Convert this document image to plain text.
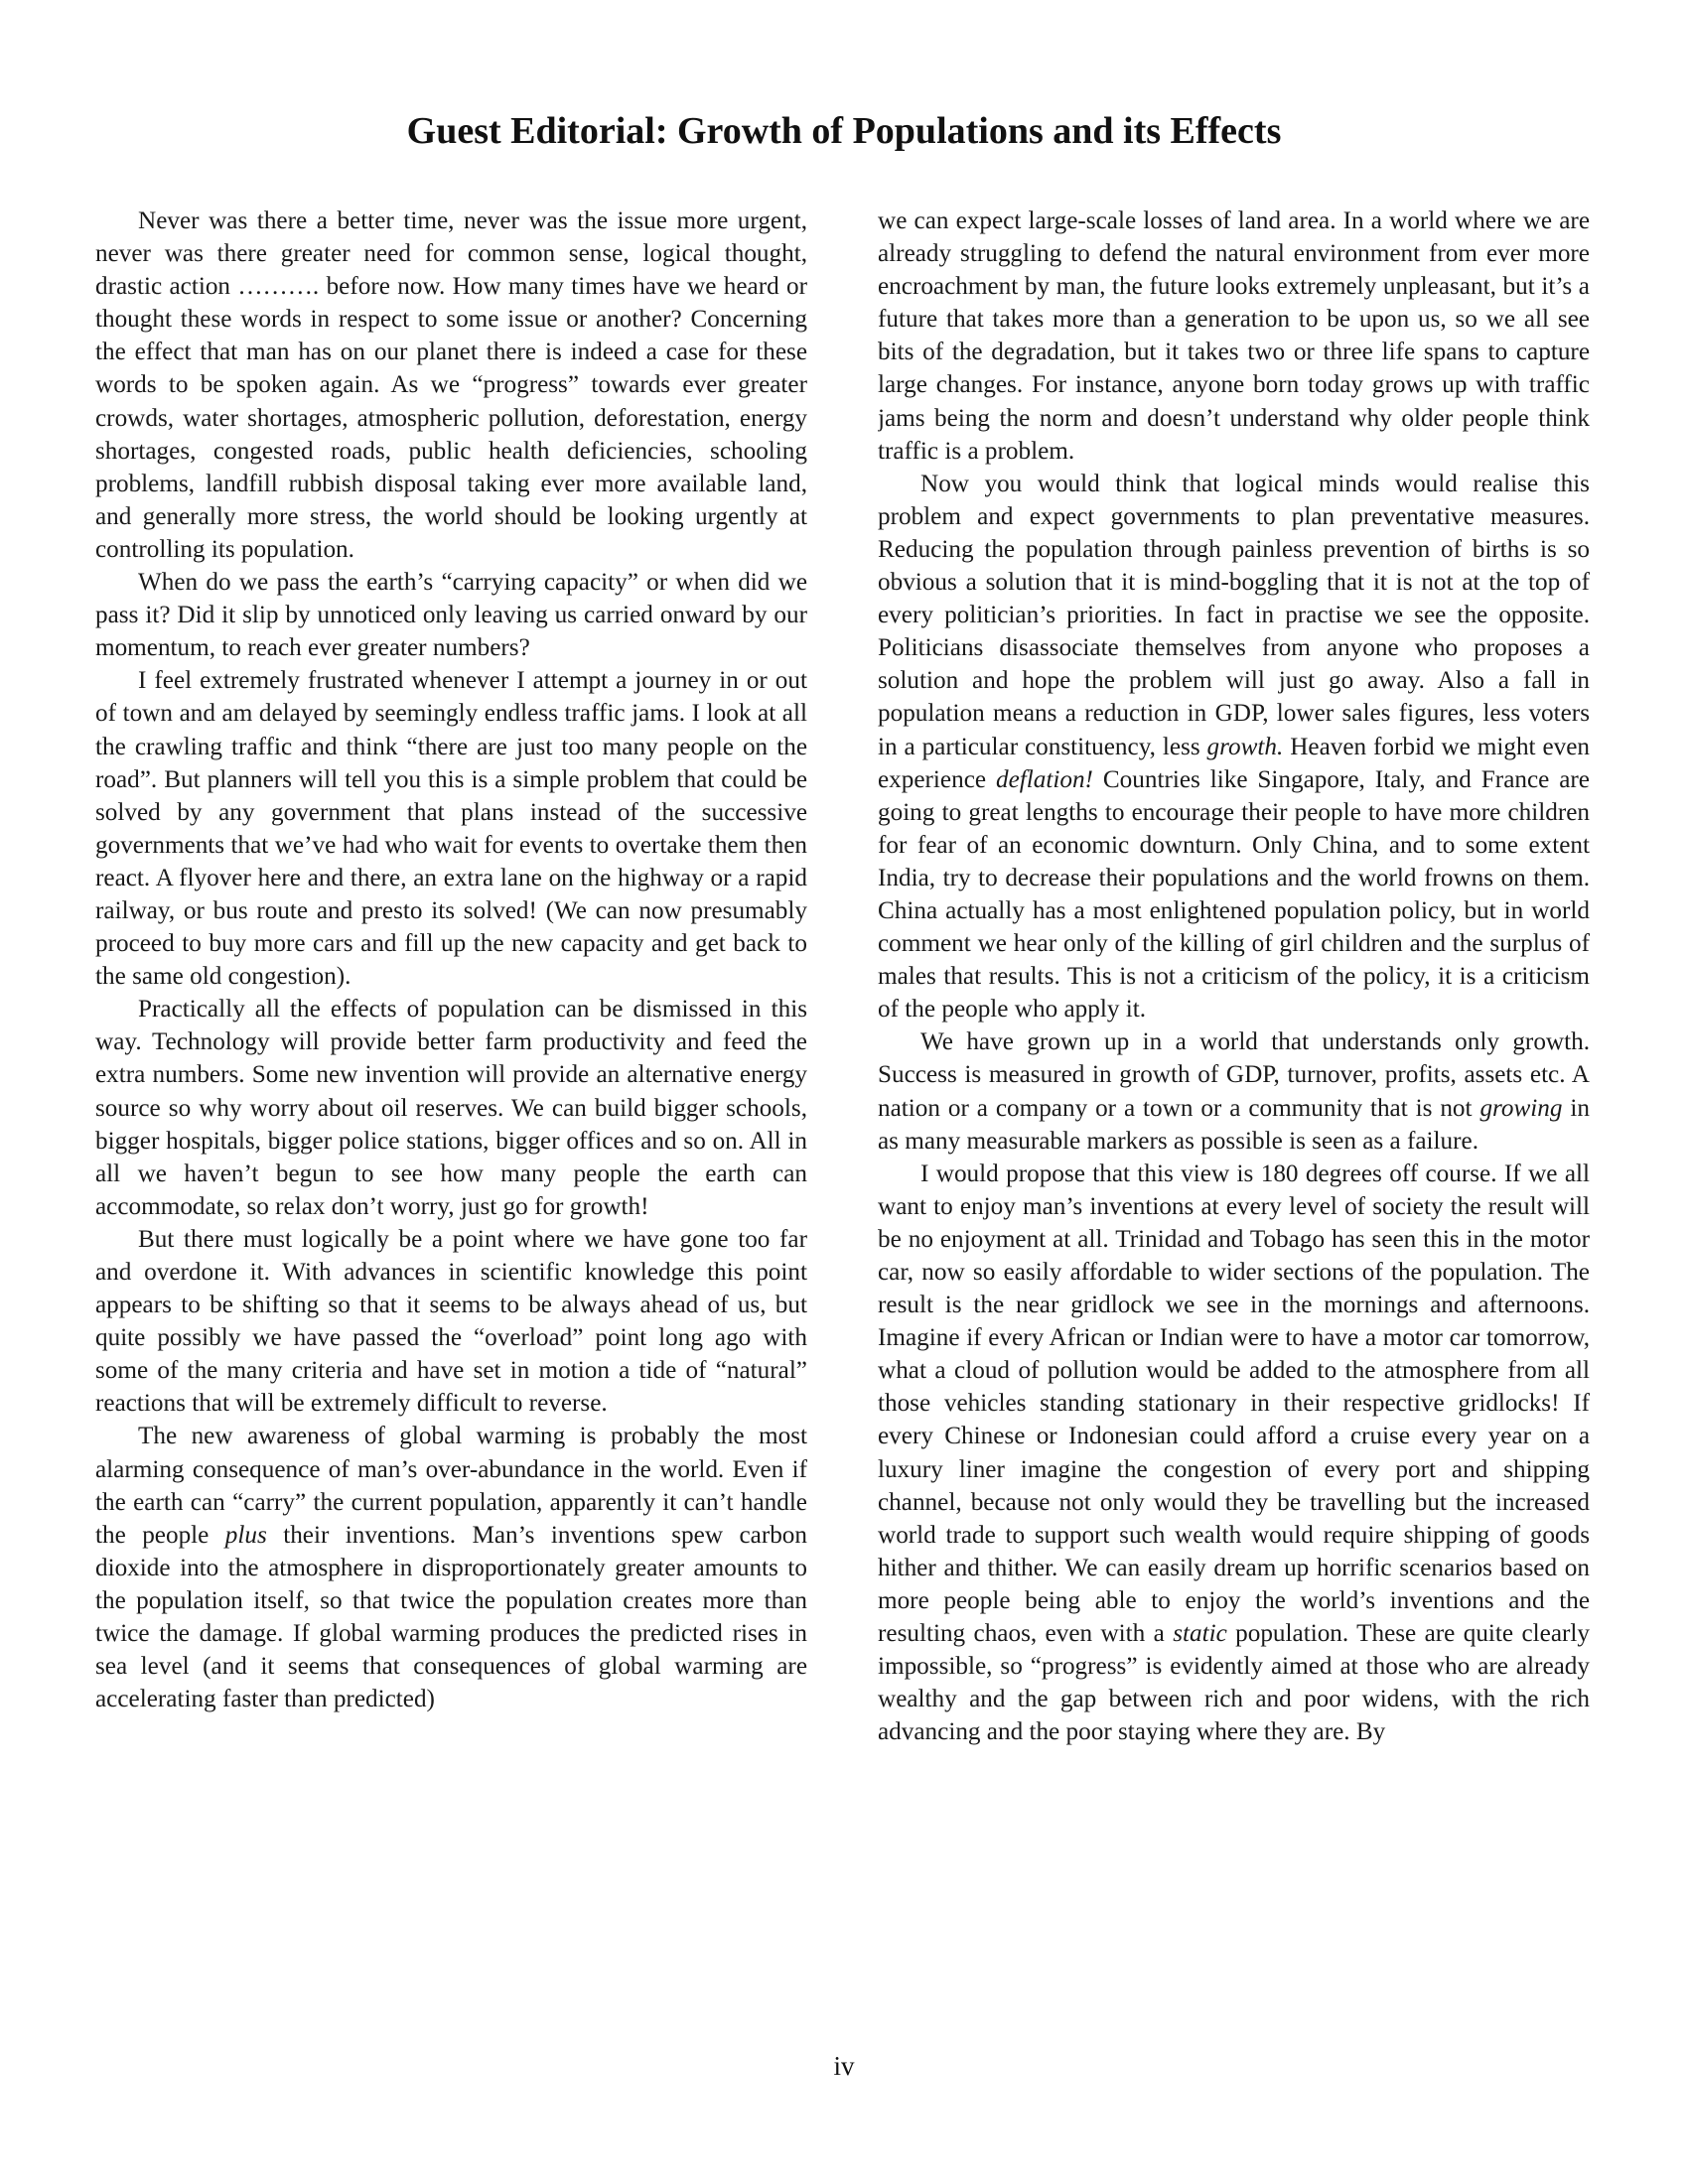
Guest Editorial: Growth of Populations and its Effects

Never was there a better time, never was the issue more urgent, never was there greater need for common sense, logical thought, drastic action ………. before now. How many times have we heard or thought these words in respect to some issue or another? Concerning the effect that man has on our planet there is indeed a case for these words to be spoken again. As we “progress” towards ever greater crowds, water shortages, atmospheric pollution, deforestation, energy shortages, congested roads, public health deficiencies, schooling problems, landfill rubbish disposal taking ever more available land, and generally more stress, the world should be looking urgently at controlling its population.

When do we pass the earth’s “carrying capacity” or when did we pass it? Did it slip by unnoticed only leaving us carried onward by our momentum, to reach ever greater numbers?

I feel extremely frustrated whenever I attempt a journey in or out of town and am delayed by seemingly endless traffic jams. I look at all the crawling traffic and think “there are just too many people on the road”. But planners will tell you this is a simple problem that could be solved by any government that plans instead of the successive governments that we’ve had who wait for events to overtake them then react. A flyover here and there, an extra lane on the highway or a rapid railway, or bus route and presto its solved! (We can now presumably proceed to buy more cars and fill up the new capacity and get back to the same old congestion).

Practically all the effects of population can be dismissed in this way. Technology will provide better farm productivity and feed the extra numbers. Some new invention will provide an alternative energy source so why worry about oil reserves. We can build bigger schools, bigger hospitals, bigger police stations, bigger offices and so on. All in all we haven’t begun to see how many people the earth can accommodate, so relax don’t worry, just go for growth!

But there must logically be a point where we have gone too far and overdone it. With advances in scientific knowledge this point appears to be shifting so that it seems to be always ahead of us, but quite possibly we have passed the “overload” point long ago with some of the many criteria and have set in motion a tide of “natural” reactions that will be extremely difficult to reverse.

The new awareness of global warming is probably the most alarming consequence of man’s over-abundance in the world. Even if the earth can “carry” the current population, apparently it can’t handle the people plus their inventions. Man’s inventions spew carbon dioxide into the atmosphere in disproportionately greater amounts to the population itself, so that twice the population creates more than twice the damage. If global warming produces the predicted rises in sea level (and it seems that consequences of global warming are accelerating faster than predicted)

we can expect large-scale losses of land area. In a world where we are already struggling to defend the natural environment from ever more encroachment by man, the future looks extremely unpleasant, but it’s a future that takes more than a generation to be upon us, so we all see bits of the degradation, but it takes two or three life spans to capture large changes. For instance, anyone born today grows up with traffic jams being the norm and doesn’t understand why older people think traffic is a problem.

Now you would think that logical minds would realise this problem and expect governments to plan preventative measures. Reducing the population through painless prevention of births is so obvious a solution that it is mind-boggling that it is not at the top of every politician’s priorities. In fact in practise we see the opposite. Politicians disassociate themselves from anyone who proposes a solution and hope the problem will just go away. Also a fall in population means a reduction in GDP, lower sales figures, less voters in a particular constituency, less growth. Heaven forbid we might even experience deflation! Countries like Singapore, Italy, and France are going to great lengths to encourage their people to have more children for fear of an economic downturn. Only China, and to some extent India, try to decrease their populations and the world frowns on them. China actually has a most enlightened population policy, but in world comment we hear only of the killing of girl children and the surplus of males that results. This is not a criticism of the policy, it is a criticism of the people who apply it.

We have grown up in a world that understands only growth. Success is measured in growth of GDP, turnover, profits, assets etc. A nation or a company or a town or a community that is not growing in as many measurable markers as possible is seen as a failure.

I would propose that this view is 180 degrees off course. If we all want to enjoy man’s inventions at every level of society the result will be no enjoyment at all. Trinidad and Tobago has seen this in the motor car, now so easily affordable to wider sections of the population. The result is the near gridlock we see in the mornings and afternoons. Imagine if every African or Indian were to have a motor car tomorrow, what a cloud of pollution would be added to the atmosphere from all those vehicles standing stationary in their respective gridlocks! If every Chinese or Indonesian could afford a cruise every year on a luxury liner imagine the congestion of every port and shipping channel, because not only would they be travelling but the increased world trade to support such wealth would require shipping of goods hither and thither. We can easily dream up horrific scenarios based on more people being able to enjoy the world’s inventions and the resulting chaos, even with a static population. These are quite clearly impossible, so “progress” is evidently aimed at those who are already wealthy and the gap between rich and poor widens, with the rich advancing and the poor staying where they are. By

iv
